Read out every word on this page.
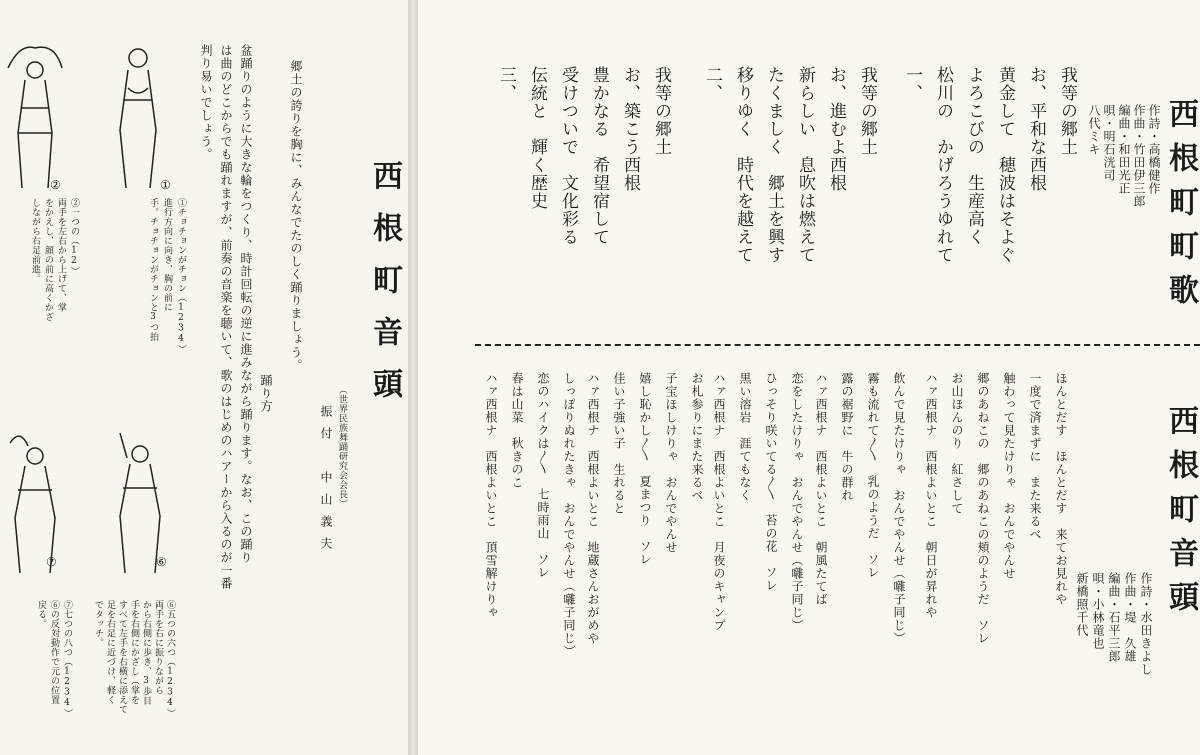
②	①
⑦	⑥
①チョチョンがチョン（1234）
進行方向に向き、胸の前に
手。チョチョンがチョンと3つ拍
②一つの（12）
両手を左右から上げて、掌
をかえし、顔の前に高くかざ
しながら右足前進。
⑥五つの六つ（1234）
両手を右に振りながら
から右側に歩き、3歩目
手を右側にかざし（掌を
すべて左手を右横に添えて
足を右足に近づけ、軽く
でタッチ。
⑦七つの八つ（1234）
⑥の反対動作で元の位置
戻る。
盆踊りのように大きな輪をつくり、時計回転の逆に進みながら踊ります。なお、この踊り
は曲のどこからでも踊れますが、前奏の音楽を聴いて、歌のはじめのハアーから入るのが一番
判り易いでしょう。
踊り方
郷土の誇りを胸に、みんなでたのしく踊りましょう。
（世界民族舞踊研究会会長）
振付　中山義夫
西根町音頭	西根町町歌
作詩・高橋健作
作曲・竹田伊三郎
編曲・和田光正
唄・明石洸司
八代ミキ
我等の郷土
お、平和な西根
黄金して　穂波はそよぐ
よろこびの　生産高く
松川の　かげろうゆれて
一、
我等の郷土
お、進むよ西根
新らしい　息吹は燃えて
たくましく　郷土を興す
移りゆく　時代を越えて
二、
我等の郷土
お、築こう西根
豊かなる　希望宿して
受けついで　文化彩る
伝統と　輝く歴史
三、
西根町音頭
作詩・水田きよし
作曲・堤　久雄
編曲・石平三郎
唄・小林竜也
新橋照千代
ほんとだす　ほんとだす　来てお見れや
一度で済まずに　また来るべ
触わって見たけりゃ　おんでやんせ
郷のあねこの　郷のあねこの頬のようだ　ソレ
お山ほんのり　紅さして
ハァ西根ナ　西根よいとこ　朝日が昇れや
飲んで見たけりゃ　おんでやんせ（囃子同じ）
霧も流れて〱　乳のようだ　ソレ
露の裾野に　牛の群れ
ハァ西根ナ　西根よいとこ　朝風たてば
恋をしたけりゃ　おんでやんせ（囃子同じ）
ひっそり咲いてる〱　苔の花　ソレ
黒い溶岩　涯てもなく
ハァ西根ナ　西根よいとこ　月夜のキャンプ
お札参りにまた来るべ
子宝ほしけりゃ　おんでやんせ
嬉し恥かし〱　夏まつり　ソレ
佳い子強い子　生れると
ハァ西根ナ　西根よいとこ　地蔵さんおがめや
しっぽりぬれたきゃ　おんでやんせ（囃子同じ）
恋のハイクは〱　七時雨山　ソレ
春は山菜　秋きのこ
ハァ西根ナ　西根よいとこ　頂雪解けりゃ
